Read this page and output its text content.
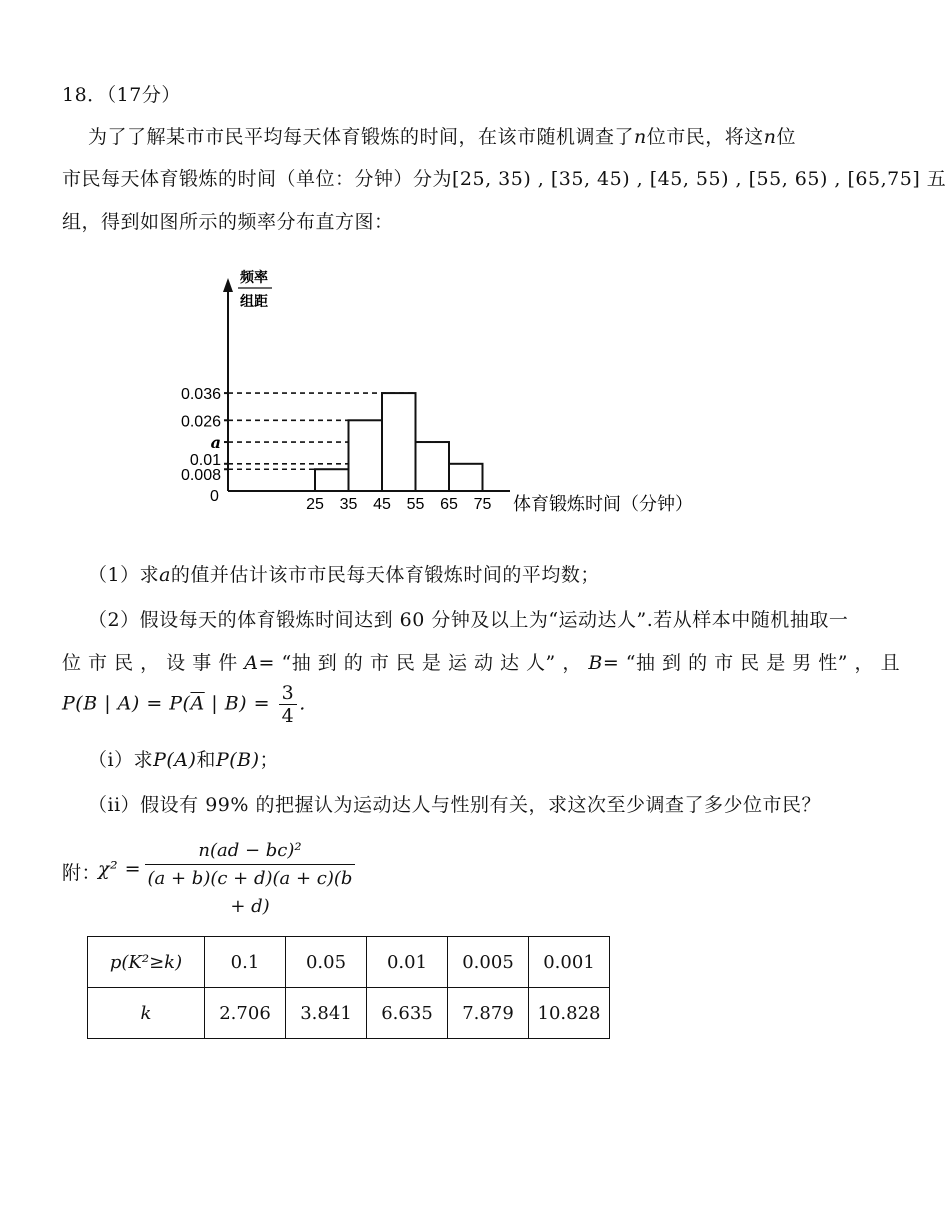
18．（17分）
为了了解某市市民平均每天体育锻炼的时间，在该市随机调查了n位市民，将这n位
市民每天体育锻炼的时间（单位：分钟）分为[25, 35) , [35, 45) , [45, 55) , [55, 65) , [65,75] 五
组，得到如图所示的频率分布直方图：
频率
组距
体育锻炼时间（分钟）
0
0.008
0.01
a
0.026
0.036
25 35 45 55 65 75
（1）求a的值并估计该市市民每天体育锻炼时间的平均数；
（2）假设每天的体育锻炼时间达到 60 分钟及以上为“运动达人”.若从样本中随机抽取一
位 市 民 ， 设 事 件 A= “抽 到 的 市 民 是 运 动 达 人” ， B= “抽 到 的 市 民 是 男 性” ， 且
P(B | $A) = P(\overline{A}$ | $B) = \frac{3}{4}$ .
（i）求P(A)和P(B)；
（ii）假设有 99% 的把握认为运动达人与性别有关，求这次至少调查了多少位市民？
附：
$\chi^2 = \frac{\text{n(ad − bc)²}}{(a + b)(c + d)(a + c)(b + d)}$
p(K²≥k)	0.1	0.05	0.01	0.005	0.001
k	2.706	3.841	6.635	7.879	10.828
